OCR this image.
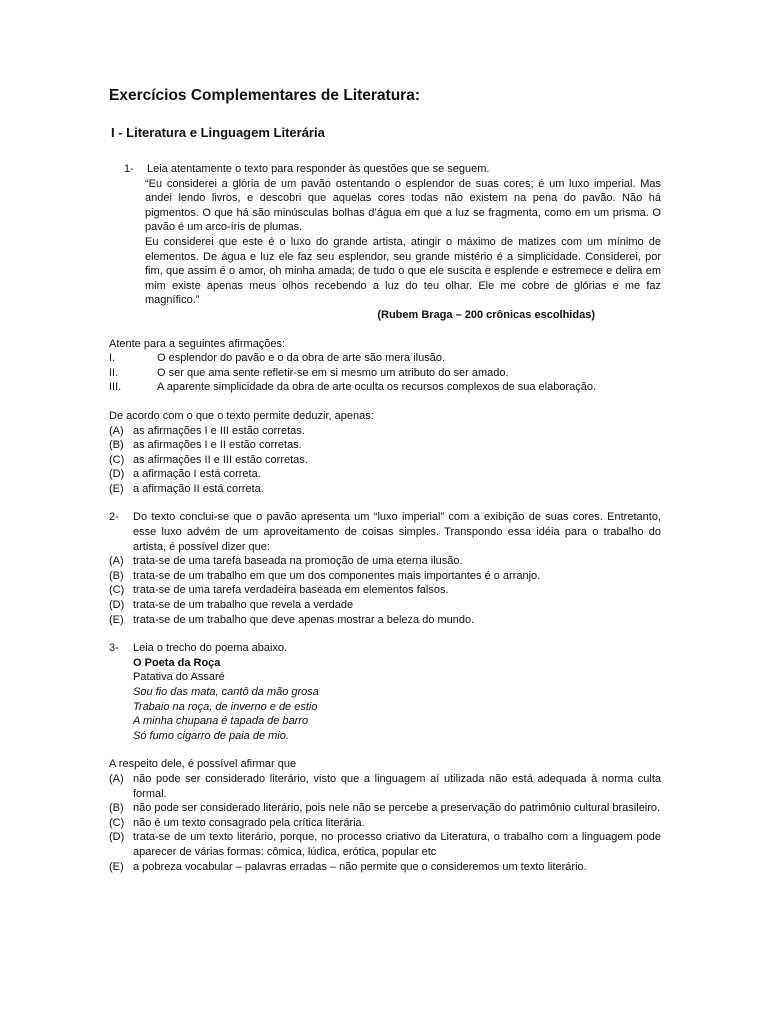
Exercícios Complementares de Literatura:
I - Literatura e Linguagem Literária
1- Leia atentamente o texto para responder às questões que se seguem.

“Eu considerei a glória de um pavão ostentando o esplendor de suas cores; é um luxo imperial. Mas andei lendo livros, e descobri que aquelas cores todas não existem na pena do pavão. Não há pigmentos. O que há são minúsculas bolhas d’água em que a luz se fragmenta, como em um prisma. O pavão é um arco-íris de plumas.

Eu considerei que este é o luxo do grande artista, atingir o máximo de matizes com um mínimo de elementos. De água e luz ele faz seu esplendor, seu grande mistério é a simplicidade. Considerei, por fim, que assim é o amor, oh minha amada; de tudo o que ele suscita e esplende e estremece e delira em mim existe apenas meus olhos recebendo a luz do teu olhar. Ele me cobre de glórias e me faz magnífico.”

(Rubem Braga – 200 crônicas escolhidas)

Atente para a seguintes afirmações:

I.	O esplendor do pavão e o da obra de arte são mera ilusão.
II.	O ser que ama sente refletir-se em si mesmo um atributo do ser amado.
III.	A aparente simplicidade da obra de arte oculta os recursos complexos de sua elaboração.

De acordo com o que o texto permite deduzir, apenas:

(A) as afirmações I e III estão corretas.
(B) as afirmações I e II estão corretas.
(C) as afirmações II e III estão corretas.
(D) a afirmação I está correta.
(E) a afirmação II está correta.
2-	Do texto conclui-se que o pavão apresenta um “luxo imperial” com a exibição de suas cores. Entretanto, esse luxo advém de um aproveitamento de coisas simples. Transpondo essa idéia para o trabalho do artista, é possível dizer que:
(A) trata-se de uma tarefa baseada na promoção de uma eterna ilusão.
(B) trata-se de um trabalho em que um dos componentes mais importantes é o arranjo.
(C) trata-se de uma tarefa verdadeira baseada em elementos falsos.
(D) trata-se de um trabalho que revela a verdade
(E) trata-se de um trabalho que deve apenas mostrar a beleza do mundo.
3-	Leia o trecho do poema abaixo.
O Poeta da Roça
Patativa do Assaré
Sou fio das mata, cantô da mão grosa
Trabaio na roça, de inverno e de estio
A minha chupana é tapada de barro
Só fumo cigarro de paia de mio.

A respeito dele, é possível afirmar que

(A) não pode ser considerado literário, visto que a linguagem aí utilizada não está adequada à norma culta formal.
(B) não pode ser considerado literário, pois nele não se percebe a preservação do patrimônio cultural brasileiro.
(C) não é um texto consagrado pela crítica literária.
(D) trata-se de um texto literário, porque, no processo criativo da Literatura, o trabalho com a linguagem pode aparecer de várias formas: cômica, lúdica, erótica, popular etc
(E) a pobreza vocabular – palavras erradas – não permite que o consideremos um texto literário.
